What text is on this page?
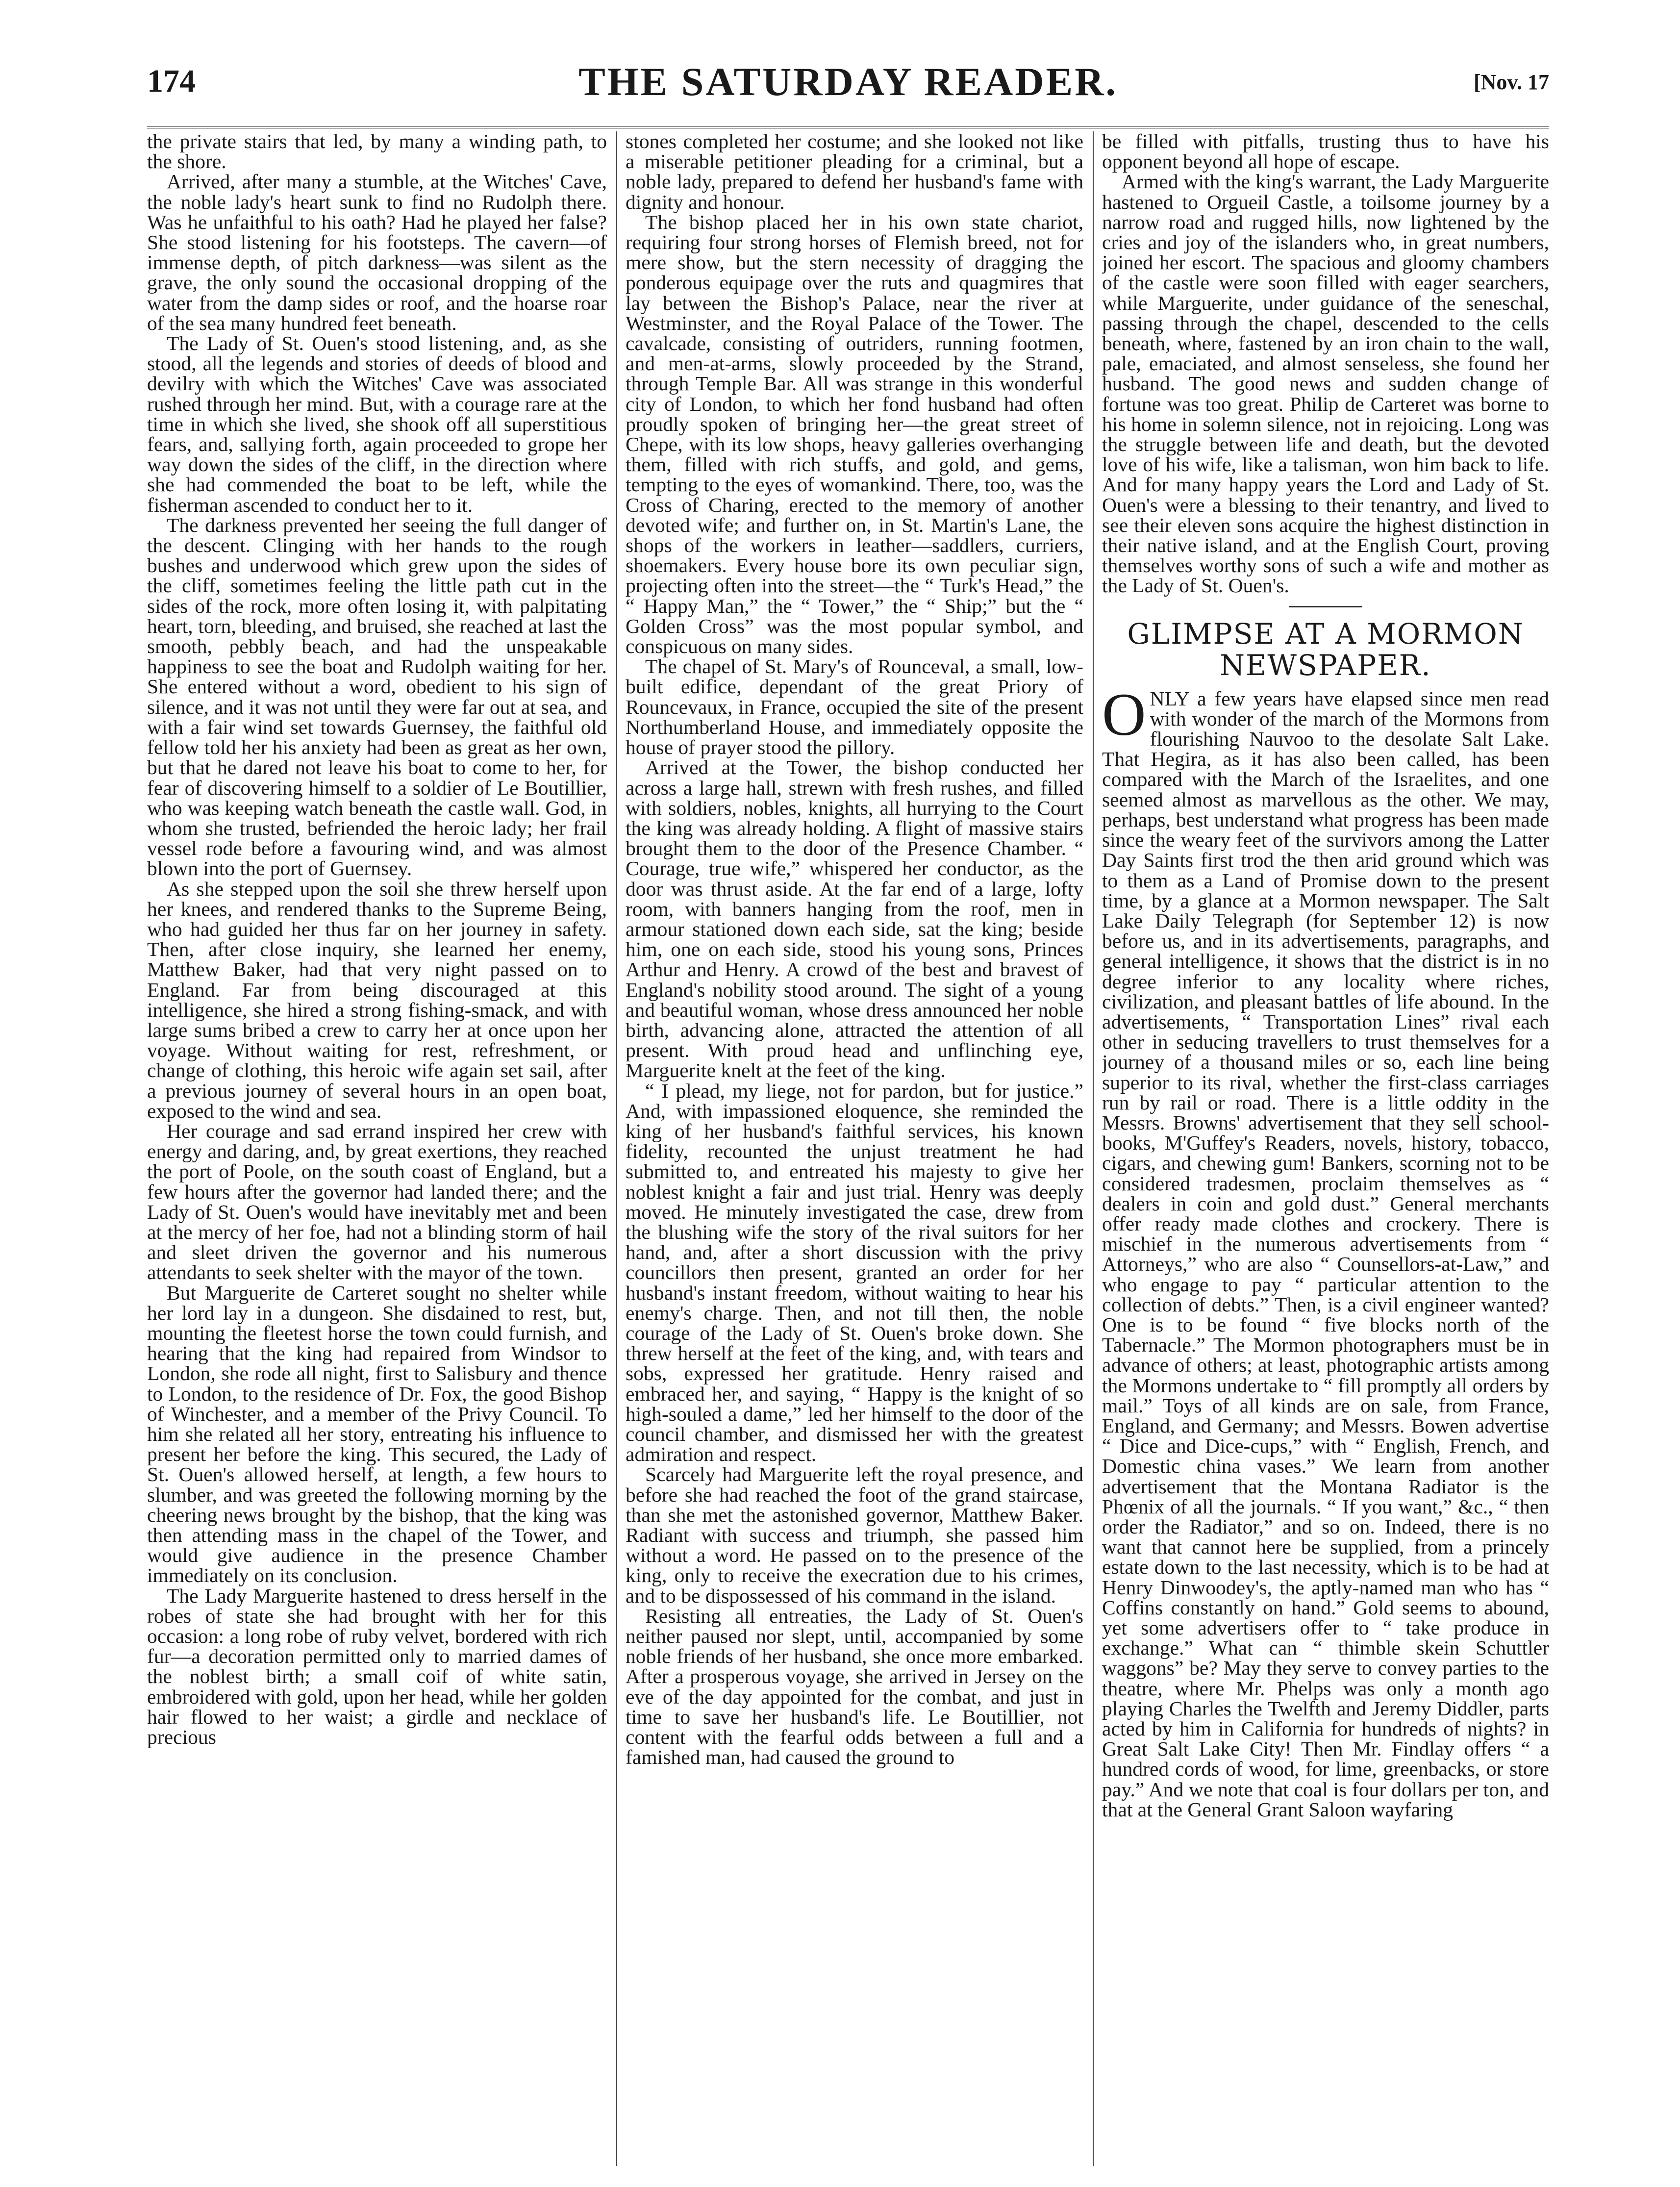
174	THE SATURDAY READER.	[Nov. 17

the private stairs that led, by many a winding path, to the shore.

Arrived, after many a stumble, at the Witches' Cave, the noble lady's heart sunk to find no Rudolph there. Was he unfaithful to his oath? Had he played her false? She stood listening for his footsteps. The cavern—of immense depth, of pitch darkness—was silent as the grave, the only sound the occasional dropping of the water from the damp sides or roof, and the hoarse roar of the sea many hundred feet beneath.

The Lady of St. Ouen's stood listening, and, as she stood, all the legends and stories of deeds of blood and devilry with which the Witches' Cave was associated rushed through her mind. But, with a courage rare at the time in which she lived, she shook off all superstitious fears, and, sallying forth, again proceeded to grope her way down the sides of the cliff, in the direction where she had commended the boat to be left, while the fisherman ascended to conduct her to it.

The darkness prevented her seeing the full danger of the descent. Clinging with her hands to the rough bushes and underwood which grew upon the sides of the cliff, sometimes feeling the little path cut in the sides of the rock, more often losing it, with palpitating heart, torn, bleeding, and bruised, she reached at last the smooth, pebbly beach, and had the unspeakable happiness to see the boat and Rudolph waiting for her. She entered without a word, obedient to his sign of silence, and it was not until they were far out at sea, and with a fair wind set towards Guernsey, the faithful old fellow told her his anxiety had been as great as her own, but that he dared not leave his boat to come to her, for fear of discovering himself to a soldier of Le Boutillier, who was keeping watch beneath the castle wall. God, in whom she trusted, befriended the heroic lady; her frail vessel rode before a favouring wind, and was almost blown into the port of Guernsey.

As she stepped upon the soil she threw herself upon her knees, and rendered thanks to the Supreme Being, who had guided her thus far on her journey in safety. Then, after close inquiry, she learned her enemy, Matthew Baker, had that very night passed on to England. Far from being discouraged at this intelligence, she hired a strong fishing-smack, and with large sums bribed a crew to carry her at once upon her voyage. Without waiting for rest, refreshment, or change of clothing, this heroic wife again set sail, after a previous journey of several hours in an open boat, exposed to the wind and sea.

Her courage and sad errand inspired her crew with energy and daring, and, by great exertions, they reached the port of Poole, on the south coast of England, but a few hours after the governor had landed there; and the Lady of St. Ouen's would have inevitably met and been at the mercy of her foe, had not a blinding storm of hail and sleet driven the governor and his numerous attendants to seek shelter with the mayor of the town.

But Marguerite de Carteret sought no shelter while her lord lay in a dungeon. She disdained to rest, but, mounting the fleetest horse the town could furnish, and hearing that the king had repaired from Windsor to London, she rode all night, first to Salisbury and thence to London, to the residence of Dr. Fox, the good Bishop of Winchester, and a member of the Privy Council. To him she related all her story, entreating his influence to present her before the king. This secured, the Lady of St. Ouen's allowed herself, at length, a few hours to slumber, and was greeted the following morning by the cheering news brought by the bishop, that the king was then attending mass in the chapel of the Tower, and would give audience in the presence Chamber immediately on its conclusion.

The Lady Marguerite hastened to dress herself in the robes of state she had brought with her for this occasion: a long robe of ruby velvet, bordered with rich fur—a decoration permitted only to married dames of the noblest birth; a small coif of white satin, embroidered with gold, upon her head, while her golden hair flowed to her waist; a girdle and necklace of precious

stones completed her costume; and she looked not like a miserable petitioner pleading for a criminal, but a noble lady, prepared to defend her husband's fame with dignity and honour.

The bishop placed her in his own state chariot, requiring four strong horses of Flemish breed, not for mere show, but the stern necessity of dragging the ponderous equipage over the ruts and quagmires that lay between the Bishop's Palace, near the river at Westminster, and the Royal Palace of the Tower. The cavalcade, consisting of outriders, running footmen, and men-at-arms, slowly proceeded by the Strand, through Temple Bar. All was strange in this wonderful city of London, to which her fond husband had often proudly spoken of bringing her—the great street of Chepe, with its low shops, heavy galleries overhanging them, filled with rich stuffs, and gold, and gems, tempting to the eyes of womankind. There, too, was the Cross of Charing, erected to the memory of another devoted wife; and further on, in St. Martin's Lane, the shops of the workers in leather—saddlers, curriers, shoemakers. Every house bore its own peculiar sign, projecting often into the street—the “ Turk's Head,” the “ Happy Man,” the “ Tower,” the “ Ship;” but the “ Golden Cross” was the most popular symbol, and conspicuous on many sides.

The chapel of St. Mary's of Rounceval, a small, low-built edifice, dependant of the great Priory of Rouncevaux, in France, occupied the site of the present Northumberland House, and immediately opposite the house of prayer stood the pillory.

Arrived at the Tower, the bishop conducted her across a large hall, strewn with fresh rushes, and filled with soldiers, nobles, knights, all hurrying to the Court the king was already holding. A flight of massive stairs brought them to the door of the Presence Chamber. “ Courage, true wife,” whispered her conductor, as the door was thrust aside. At the far end of a large, lofty room, with banners hanging from the roof, men in armour stationed down each side, sat the king; beside him, one on each side, stood his young sons, Princes Arthur and Henry. A crowd of the best and bravest of England's nobility stood around. The sight of a young and beautiful woman, whose dress announced her noble birth, advancing alone, attracted the attention of all present. With proud head and unflinching eye, Marguerite knelt at the feet of the king.

“ I plead, my liege, not for pardon, but for justice.” And, with impassioned eloquence, she reminded the king of her husband's faithful services, his known fidelity, recounted the unjust treatment he had submitted to, and entreated his majesty to give her noblest knight a fair and just trial. Henry was deeply moved. He minutely investigated the case, drew from the blushing wife the story of the rival suitors for her hand, and, after a short discussion with the privy councillors then present, granted an order for her husband's instant freedom, without waiting to hear his enemy's charge. Then, and not till then, the noble courage of the Lady of St. Ouen's broke down. She threw herself at the feet of the king, and, with tears and sobs, expressed her gratitude. Henry raised and embraced her, and saying, “ Happy is the knight of so high-souled a dame,” led her himself to the door of the council chamber, and dismissed her with the greatest admiration and respect.

Scarcely had Marguerite left the royal presence, and before she had reached the foot of the grand staircase, than she met the astonished governor, Matthew Baker. Radiant with success and triumph, she passed him without a word. He passed on to the presence of the king, only to receive the execration due to his crimes, and to be dispossessed of his command in the island.

Resisting all entreaties, the Lady of St. Ouen's neither paused nor slept, until, accompanied by some noble friends of her husband, she once more embarked. After a prosperous voyage, she arrived in Jersey on the eve of the day appointed for the combat, and just in time to save her husband's life. Le Boutillier, not content with the fearful odds between a full and a famished man, had caused the ground to

be filled with pitfalls, trusting thus to have his opponent beyond all hope of escape.

Armed with the king's warrant, the Lady Marguerite hastened to Orgueil Castle, a toilsome journey by a narrow road and rugged hills, now lightened by the cries and joy of the islanders who, in great numbers, joined her escort. The spacious and gloomy chambers of the castle were soon filled with eager searchers, while Marguerite, under guidance of the seneschal, passing through the chapel, descended to the cells beneath, where, fastened by an iron chain to the wall, pale, emaciated, and almost senseless, she found her husband. The good news and sudden change of fortune was too great. Philip de Carteret was borne to his home in solemn silence, not in rejoicing. Long was the struggle between life and death, but the devoted love of his wife, like a talisman, won him back to life. And for many happy years the Lord and Lady of St. Ouen's were a blessing to their tenantry, and lived to see their eleven sons acquire the highest distinction in their native island, and at the English Court, proving themselves worthy sons of such a wife and mother as the Lady of St. Ouen's.

GLIMPSE AT A MORMON NEWSPAPER.

ONLY a few years have elapsed since men read with wonder of the march of the Mormons from flourishing Nauvoo to the desolate Salt Lake. That Hegira, as it has also been called, has been compared with the March of the Israelites, and one seemed almost as marvellous as the other. We may, perhaps, best understand what progress has been made since the weary feet of the survivors among the Latter Day Saints first trod the then arid ground which was to them as a Land of Promise down to the present time, by a glance at a Mormon newspaper. The Salt Lake Daily Telegraph (for September 12) is now before us, and in its advertisements, paragraphs, and general intelligence, it shows that the district is in no degree inferior to any locality where riches, civilization, and pleasant battles of life abound. In the advertisements, “ Transportation Lines” rival each other in seducing travellers to trust themselves for a journey of a thousand miles or so, each line being superior to its rival, whether the first-class carriages run by rail or road. There is a little oddity in the Messrs. Browns' advertisement that they sell school-books, M'Guffey's Readers, novels, history, tobacco, cigars, and chewing gum! Bankers, scorning not to be considered tradesmen, proclaim themselves as “ dealers in coin and gold dust.” General merchants offer ready made clothes and crockery. There is mischief in the numerous advertisements from “ Attorneys,” who are also “ Counsellors-at-Law,” and who engage to pay “ particular attention to the collection of debts.” Then, is a civil engineer wanted? One is to be found “ five blocks north of the Tabernacle.” The Mormon photographers must be in advance of others; at least, photographic artists among the Mormons undertake to “ fill promptly all orders by mail.” Toys of all kinds are on sale, from France, England, and Germany; and Messrs. Bowen advertise “ Dice and Dice-cups,” with “ English, French, and Domestic china vases.” We learn from another advertisement that the Montana Radiator is the Phœnix of all the journals. “ If you want,” &c., “ then order the Radiator,” and so on. Indeed, there is no want that cannot here be supplied, from a princely estate down to the last necessity, which is to be had at Henry Dinwoodey's, the aptly-named man who has “ Coffins constantly on hand.” Gold seems to abound, yet some advertisers offer to “ take produce in exchange.” What can “ thimble skein Schuttler waggons” be? May they serve to convey parties to the theatre, where Mr. Phelps was only a month ago playing Charles the Twelfth and Jeremy Diddler, parts acted by him in California for hundreds of nights? in Great Salt Lake City! Then Mr. Findlay offers “ a hundred cords of wood, for lime, greenbacks, or store pay.” And we note that coal is four dollars per ton, and that at the General Grant Saloon wayfaring
